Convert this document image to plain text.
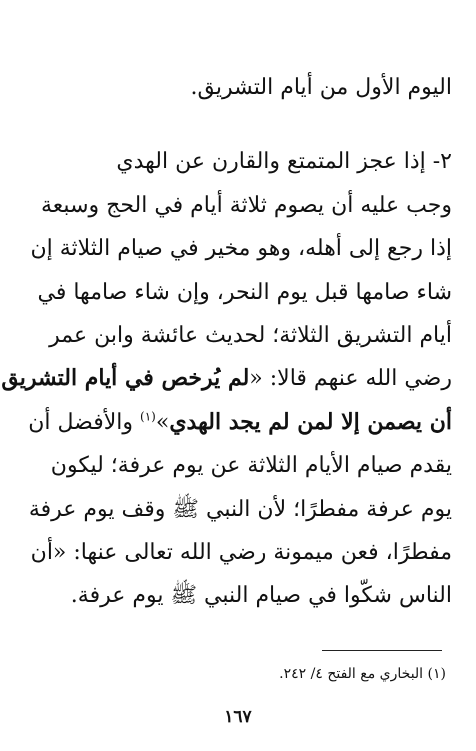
اليوم الأول من أيام التشريق.
٢- إذا عجز المتمتع والقارن عن الهدي
وجب عليه أن يصوم ثلاثة أيام في الحج وسبعة
إذا رجع إلى أهله، وهو مخير في صيام الثلاثة إن
شاء صامها قبل يوم النحر، وإن شاء صامها في
أيام التشريق الثلاثة؛ لحديث عائشة وابن عمر
رضي الله عنهم قالا: «لم يُرخص في أيام التشريق
أن يصمن إلا لمن لم يجد الهدي»$^{(١)}$ والأفضل أن
يقدم صيام الأيام الثلاثة عن يوم عرفة؛ ليكون
يوم عرفة مفطرًا؛ لأن النبي ﷺ وقف يوم عرفة
مفطرًا، فعن ميمونة رضي الله تعالى عنها: «أن
الناس شكّوا في صيام النبي ﷺ يوم عرفة.
(١) البخاري مع الفتح ٤/ ٢٤٢.
١٦٧
